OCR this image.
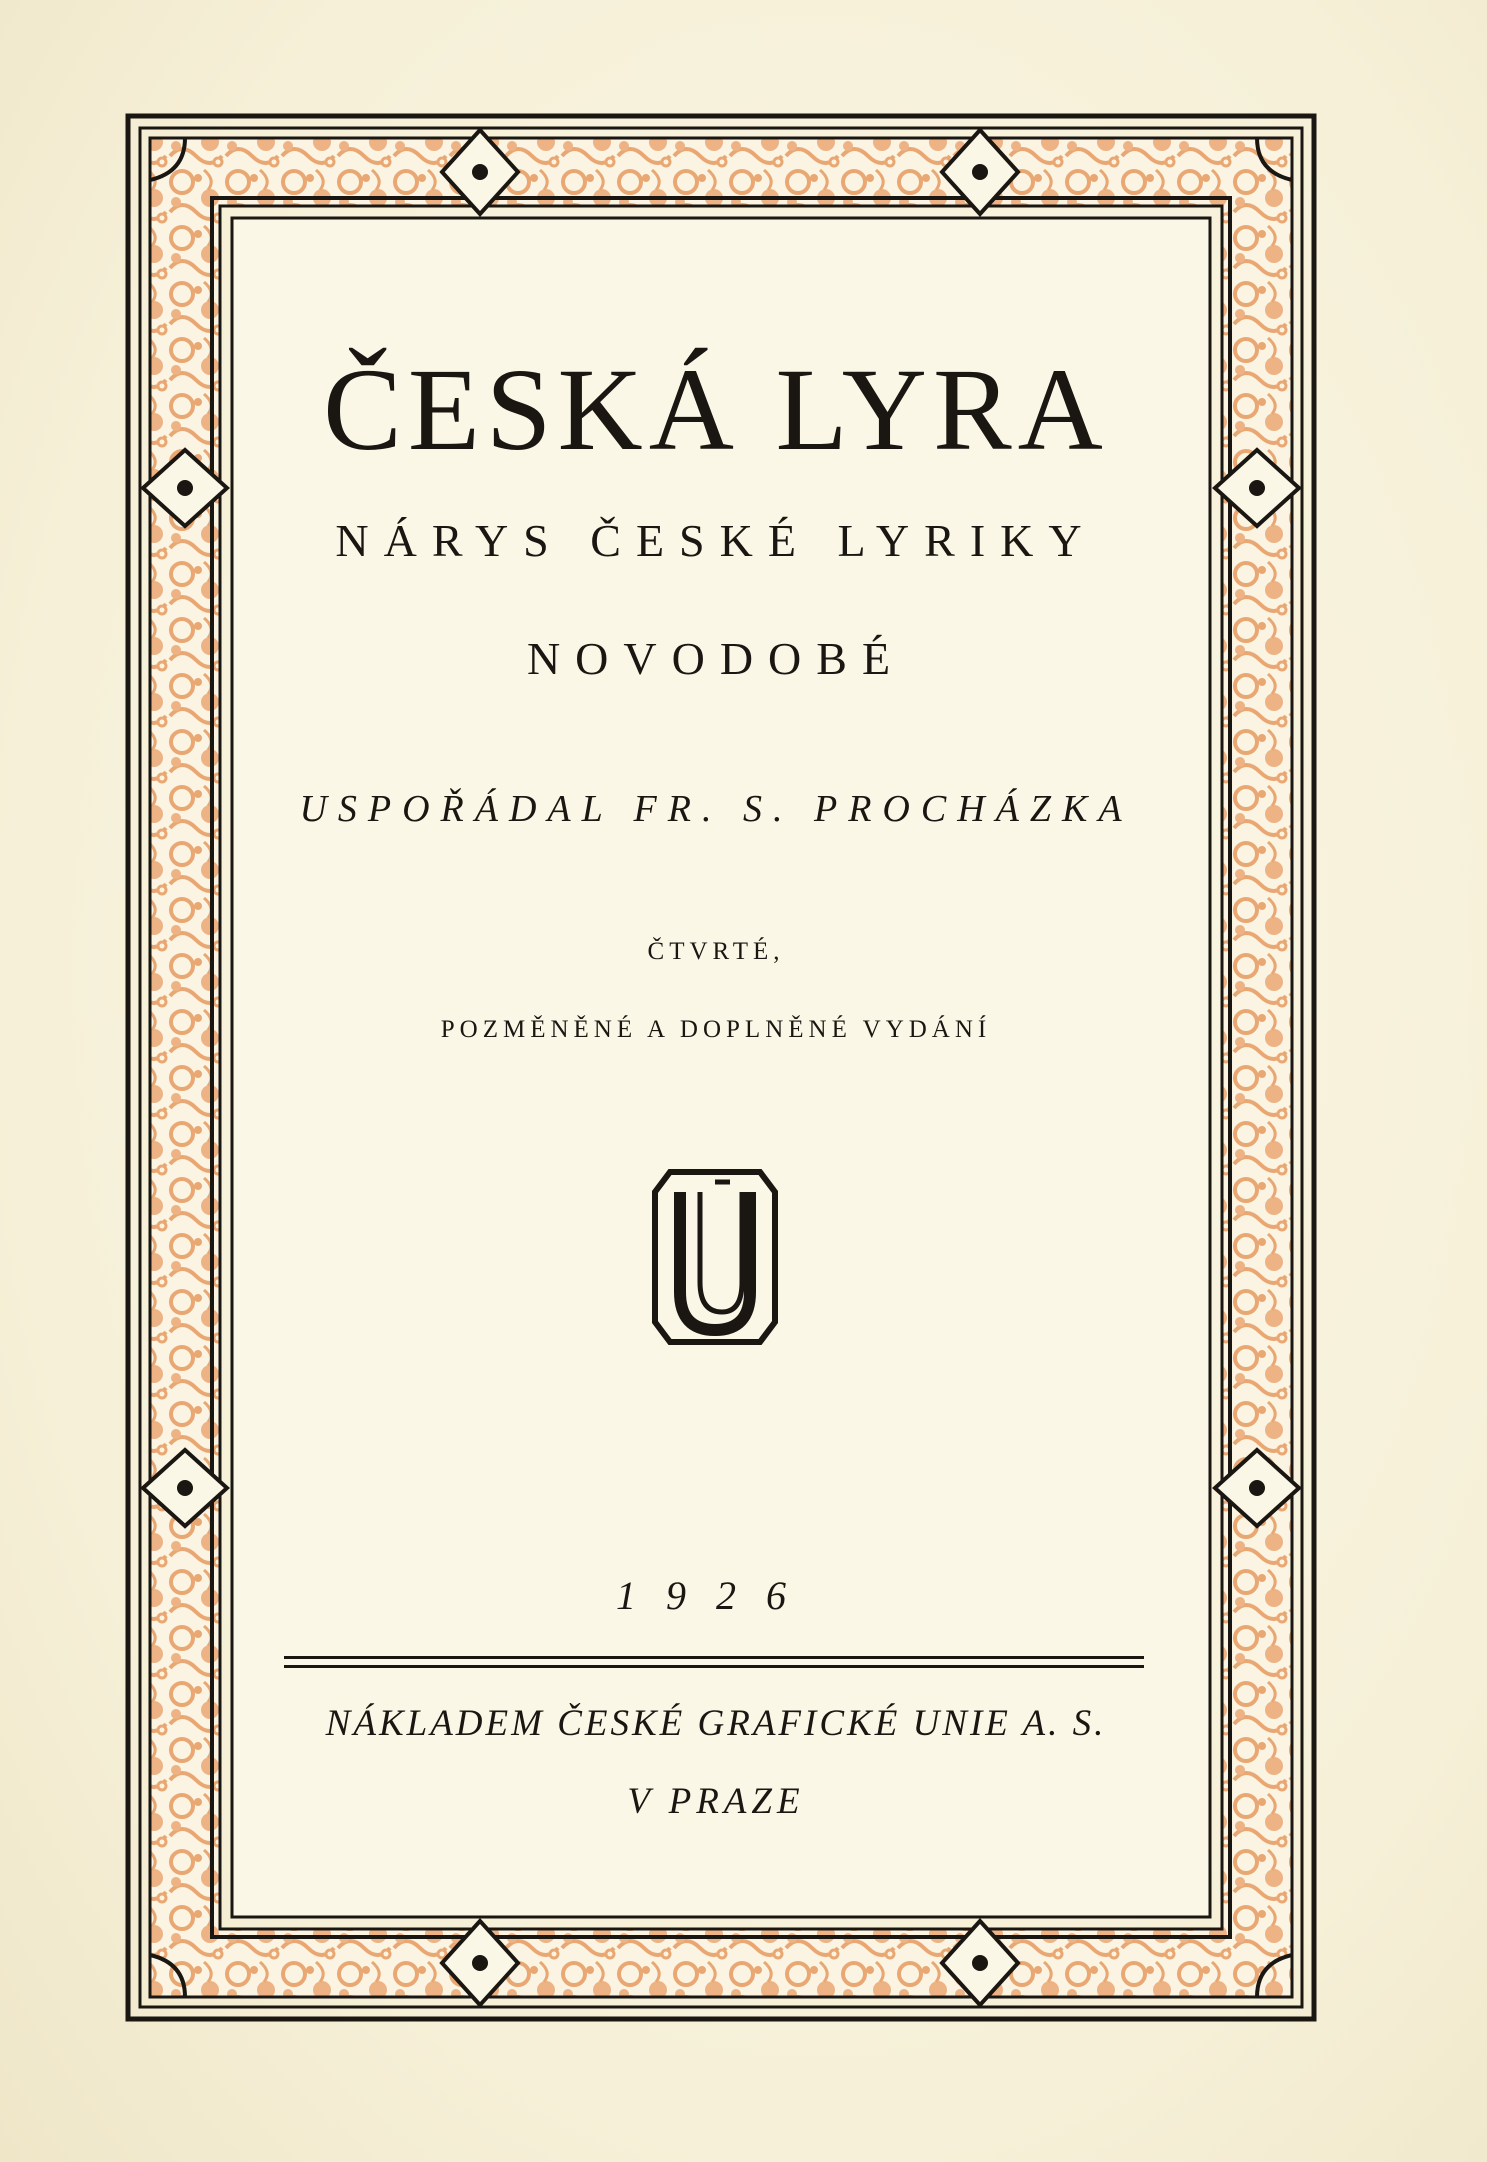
ČESKÁ LYRA

NÁRYS ČESKÉ LYRIKY

NOVODOBÉ

USPOŘÁDAL FR. S. PROCHÁZKA

ČTVRTÉ,

POZMĚNĚNÉ A DOPLNĚNÉ VYDÁNÍ

1926

NÁKLADEM ČESKÉ GRAFICKÉ UNIE A. S.

V PRAZE
